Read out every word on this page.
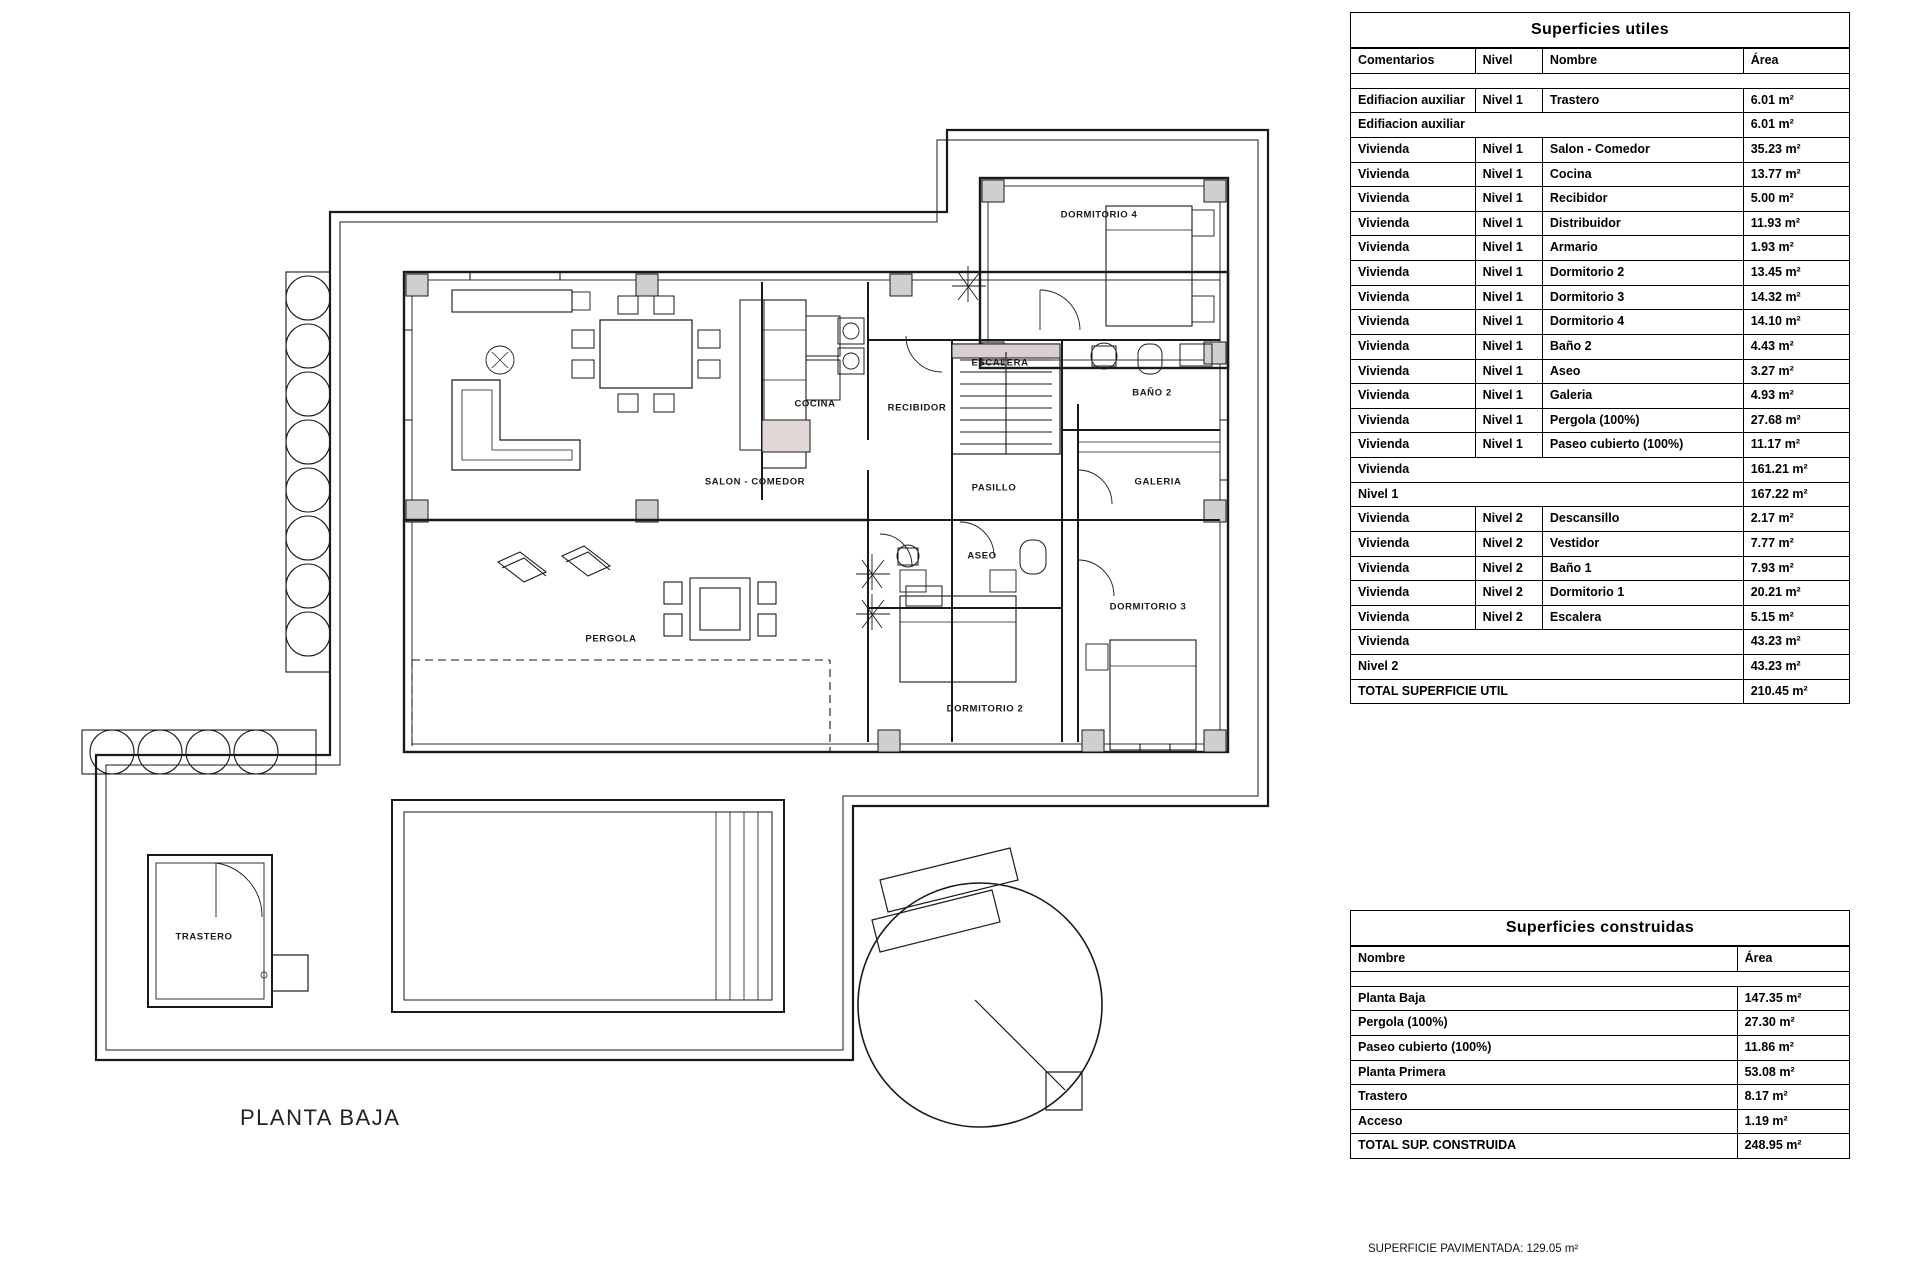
DORMITORIO 4
COCINA	RECIBIDOR
ESCALERA
BAÑO 2
SALON - COMEDOR
PASILLO
GALERIA
ASEO
DORMITORIO 3
PERGOLA
DORMITORIO 2
TRASTERO
PLANTA BAJA
Superficies utiles
Comentarios	Nivel	Nombre	Área

Edifiacion auxiliar	Nivel 1	Trastero	6.01 m²
Edifiacion auxiliar			6.01 m²
Vivienda	Nivel 1	Salon - Comedor	35.23 m²
Vivienda	Nivel 1	Cocina	13.77 m²
Vivienda	Nivel 1	Recibidor	5.00 m²
Vivienda	Nivel 1	Distribuidor	11.93 m²
Vivienda	Nivel 1	Armario	1.93 m²
Vivienda	Nivel 1	Dormitorio 2	13.45 m²
Vivienda	Nivel 1	Dormitorio 3	14.32 m²
Vivienda	Nivel 1	Dormitorio 4	14.10 m²
Vivienda	Nivel 1	Baño 2	4.43 m²
Vivienda	Nivel 1	Aseo	3.27 m²
Vivienda	Nivel 1	Galeria	4.93 m²
Vivienda	Nivel 1	Pergola (100%)	27.68 m²
Vivienda	Nivel 1	Paseo cubierto (100%)	11.17 m²
Vivienda			161.21 m²
Nivel 1			167.22 m²
Vivienda	Nivel 2	Descansillo	2.17 m²
Vivienda	Nivel 2	Vestidor	7.77 m²
Vivienda	Nivel 2	Baño 1	7.93 m²
Vivienda	Nivel 2	Dormitorio 1	20.21 m²
Vivienda	Nivel 2	Escalera	5.15 m²
Vivienda			43.23 m²
Nivel 2			43.23 m²
TOTAL SUPERFICIE UTIL			210.45 m²
Superficies construidas
Nombre	Área

Planta Baja	147.35 m²
Pergola (100%)	27.30 m²
Paseo cubierto (100%)	11.86 m²
Planta Primera	53.08 m²
Trastero	8.17 m²
Acceso	1.19 m²
TOTAL SUP. CONSTRUIDA	248.95 m²
SUPERFICIE PAVIMENTADA: 129.05 m²
